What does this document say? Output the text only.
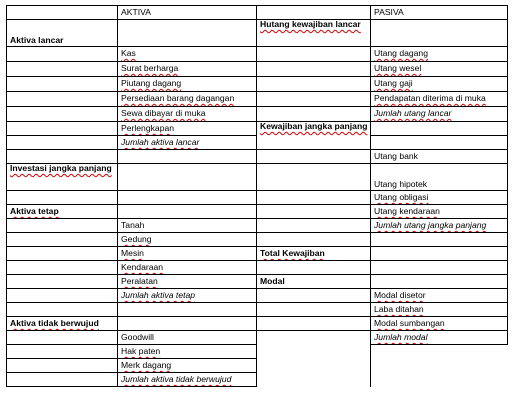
	AKTIVA		PASIVA
Aktiva lancar		Hutang kewajiban lancar	
	Kas		Utang dagang
	Surat berharga		Utang wesel
	Piutang dagang		Utang gaji
	Persediaan barang dagangan		Pendapatan diterima di muka
	Sewa dibayar di muka		Jumlah utang lancar
	Perlengkapan	Kewajiban jangka panjang	
	Jumlah aktiva lancar		
			Utang bank
Investasi jangka panjang			Utang hipotek
			Utang obligasi
Aktiva tetap			Utang kendaraan
	Tanah		Jumlah utang jangka panjang
	Gedung		
	Mesin	Total Kewajiban	
	Kendaraan		
	Peralatan	Modal	
	Jumlah aktiva tetap		Modal disetor
			Laba ditahan
Aktiva tidak berwujud			Modal sumbangan
	Goodwill		Jumlah modal
	Hak paten		
	Merk dagang		
	Jumlah aktiva tidak berwujud		
